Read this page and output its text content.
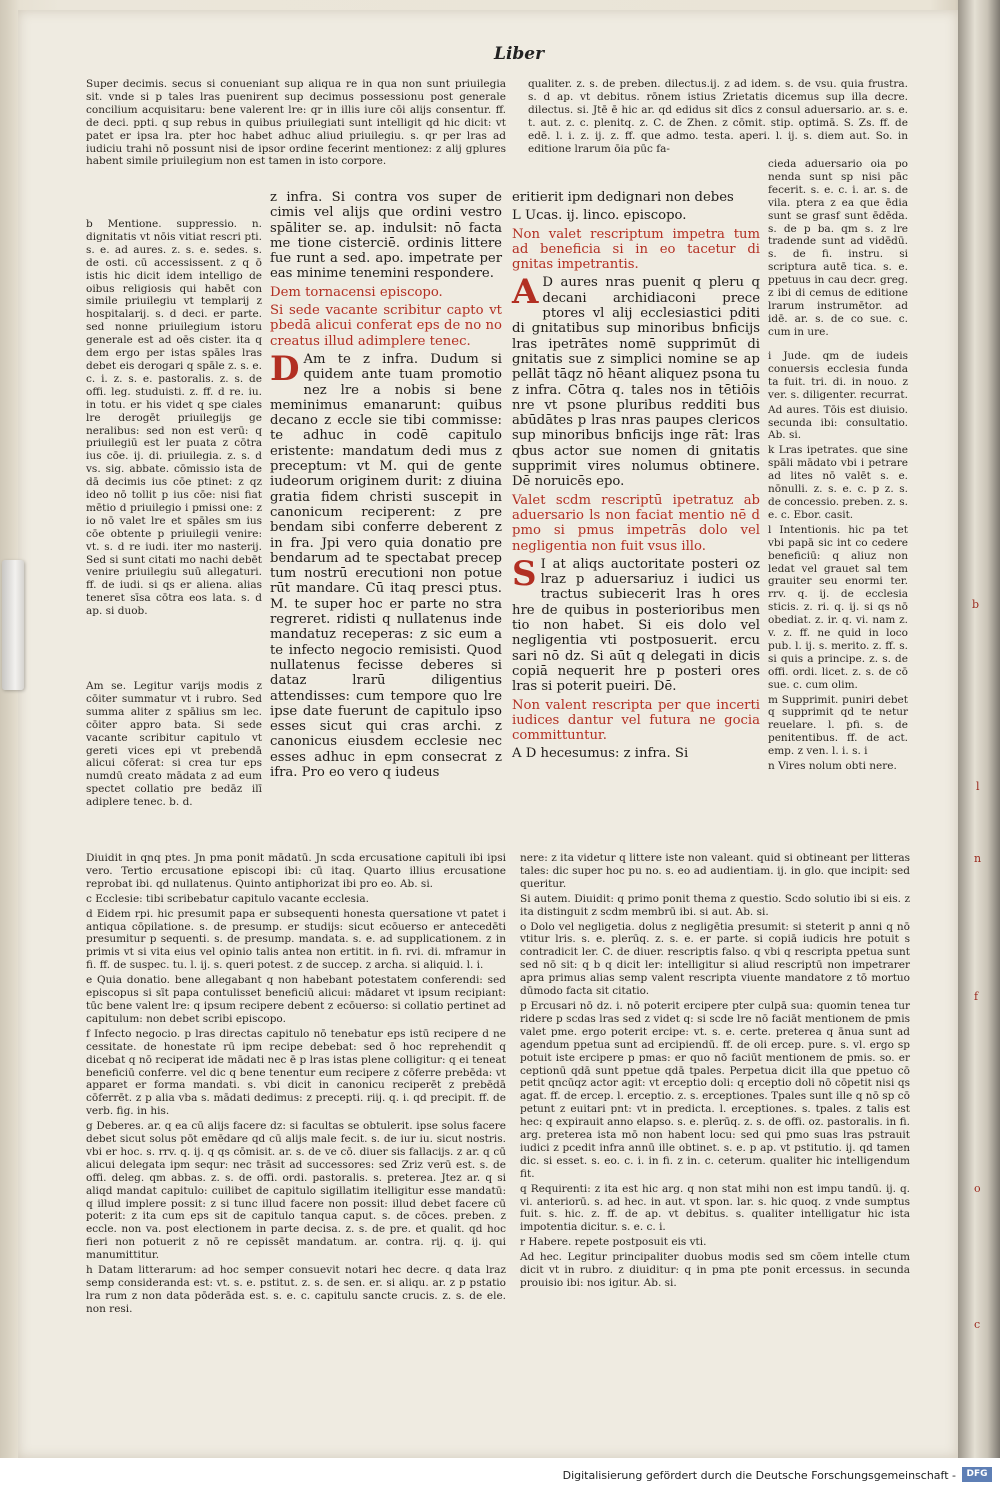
Liber

Super decimis. secus si conueniant sup aliqua re in qua non sunt priuilegia sit. vnde si p tales lras puenirent sup decimus possessionu post generale concilium acquisitaru: bene valerent lre: qr in illis iure cōi alijs consentur. ff. de deci. ppti. q sup rebus in quibus priuilegiati sunt intelligit qd hic dicit: vt patet er ipsa lra. pter hoc habet adhuc aliud priuilegiu. s. qr per lras ad iudiciu trahi nō possunt nisi de ipsor ordine fecerint mentionez: z alij gplures habent simile priuilegium non est tamen in isto corpore.

qualiter. z. s. de preben. dilectus.ij. z ad idem. s. de vsu. quia frustra. s. d ap. vt debitus. rōnem istius Zrietatis dicemus sup illa decre. dilectus. si. Jtē ē hic ar. qd edidus sit dīcs z consul aduersario. ar. s. e. t. aut. z. c. plenitq. z. C. de Zhen. z cōmit. stip. optimā. S. Zs. ff. de edē. l. i. z. ij. z. ff. que admo. testa. aperi. l. ij. s. diem aut. So. in editione lrarum ōia pūc fa-

b Mentione. suppressio. n. dignitatis vt nōis vitiat rescri pti. s. e. ad aures. z. s. e. sedes. s. de osti. cū accessissent. z q ō istis hic dicit idem intelligo de oibus religiosis qui habēt con simile priuilegiu vt templarij z hospitalarij. s. d deci. er parte. sed nonne priuilegium istoru generale est ad oēs cister. ita q dem ergo per istas spāles lras debet eis derogari q spāle z. s. e. c. i. z. s. e. pastoralis. z. s. de offi. leg. studuisti. z. ff. d re. iu. in totu. er his videt q spe ciales lre derogēt priuilegijs ge neralibus: sed non est verū: q priuilegiū est ler puata z cōtra ius cōe. ij. di. priuilegia. z. s. d vs. sig. abbate. cōmissio ista de dā decimis ius cōe ptinet: z qz ideo nō tollit p ius cōe: nisi fiat mētio d priuilegio i pmissi one: z io nō valet lre et spāles sm ius cōe obtente p priuilegii venire: vt. s. d re iudi. iter mo nasterij. Sed si sunt citati mo nachi debēt venire priuilegiu suū allegaturi. ff. de iudi. si qs er aliena. alias teneret sīsa cōtra eos lata. s. d ap. si duob.

Am se. Legitur varijs modis z cōiter summatur vt i rubro. Sed summa aliter z spālius sm lec. cōiter appro bata. Si sede vacante scribitur capitulo vt gereti vices epi vt prebendā alicui cōferat: si crea tur eps numdū creato mādata z ad eum spectet collatio pre bedāz ilī adiplere tenec. b. d.

z infra. Si contra vos super de cimis vel alijs que ordini vestro spāliter se. ap. indulsit: nō facta me tione cisterciē. ordinis littere fue runt a sed. apo. impetrate per eas minime tenemini respondere.

Dem tornacensi episcopo.

Si sede vacante scribitur capto vt pbedā alicui conferat eps de no no creatus illud adimplere tenec.

D Am te z infra. Dudum si quidem ante tuam promotio nez lre a nobis si bene meminimus emanarunt: quibus decano z eccle sie tibi commisse: te adhuc in codē capitulo eristente: mandatum dedi mus z preceptum: vt M. qui de gente iudeorum originem durit: z diuina gratia fidem christi suscepit in canonicum reciperent: z pre bendam sibi conferre deberent z in fra. Jpi vero quia donatio pre bendarum ad te spectabat precep tum nostrū erecutioni non potue rūt mandare. Cū itaq presci ptus. M. te super hoc er parte no stra regreret. ridisti q nullatenus inde mandatuz receperas: z sic eum a te infecto negocio remisisti. Quod nullatenus fecisse deberes si dataz lrarū diligentius attendisses: cum tempore quo lre ipse date fuerunt de capitulo ipso esses sicut qui cras archi. z canonicus eiusdem ecclesie nec esses adhuc in epm consecrat z ifra. Pro eo vero q iudeus

eritierit ipm dedignari non debes

L Ucas. ij. linco. episcopo.

Non valet rescriptum impetra tum ad beneficia si in eo tacetur di gnitas impetrantis.

A D aures nras puenit q pleru q decani archidiaconi prece ptores vl alij ecclesiastici pditi di gnitatibus sup minoribus bnficijs lras ipetrātes nomē supprimūt di gnitatis sue z simplici nomine se ap pellāt tāqz nō hēant aliquez psona tu z infra. Cōtra q. tales nos in tētiōis nre vt psone pluribus redditi bus abūdātes p lras nras paupes clericos sup minoribus bnficijs inge rāt: lras qbus actor sue nomen di gnitatis supprimit vires nolumus obtinere. Dē noruicēs epo.

Valet scdm rescriptū ipetratuz ab aduersario ls non faciat mentio nē d pmo si pmus impetrās dolo vel negligentia non fuit vsus illo.

S I at aliqs auctoritate posteri oz lraz p aduersariuz i iudici us tractus subiecerit lras h ores hre de quibus in posterioribus men tio non habet. Si eis dolo vel negligentia vti postposuerit. ercu sari nō dz. Si aūt q delegati in dicis copiā nequerit hre p posteri ores lras si poterit pueiri. Dē.

Non valent rescripta per que incerti iudices dantur vel futura ne gocia committuntur.

A D hecesumus: z infra. Si

cieda aduersario oia po nenda sunt sp nisi pāc fecerit. s. e. c. i. ar. s. de vila. ptera z ea que ēdia sunt se grasf sunt ēdēda. s. de p ba. qm s. z lre tradende sunt ad vidēdū. s. de fi. instru. si scriptura autē tica. s. e. ppetuus in cau decr. greg. z ibi di cemus de editione lrarum instrumētor. ad idē. ar. s. de co sue. c. cum in ure.

i Jude. qm de iudeis conuersis ecclesia funda ta fuit. tri. di. in nouo. z ver. s. diligenter. recurrat.

Ad aures. Tōis est diuisio. secunda ibi: consultatio. Ab. si.

k Lras ipetrates. que sine spāli mādato vbi i petrare ad lites nō valēt s. e. nōnulli. z. s. e. c. p z. s. de concessio. preben. z. s. e. c. Ebor. casit.

l Intentionis. hic pa tet vbi papā sic int co cedere beneficiū: q aliuz non ledat vel grauet sal tem grauiter seu enormi ter. rrv. q. ij. de ecclesia sticis. z. ri. q. ij. si qs nō obediat. z. ir. q. vi. nam z. v. z. ff. ne quid in loco pub. l. ij. s. merito. z. ff. s. si quis a principe. z. s. de offi. ordi. licet. z. s. de cō sue. c. cum olim.

m Supprimit. puniri debet q supprimit qd te netur reuelare. l. pfi. s. de penitentibus. ff. de act. emp. z ven. l. i. s. i

n Vires nolum obti nere.

Diuidit in qnq ptes. Jn pma ponit mādatū. Jn scda ercusatione capituli ibi ipsi vero. Tertio ercusatione episcopi ibi: cū itaq. Quarto illius ercusatione reprobat ibi. qd nullatenus. Quinto antiphorizat ibi pro eo. Ab. si.

c Ecclesie: tibi scribebatur capitulo vacante ecclesia.

d Eidem rpi. hic presumit papa er subsequenti honesta quersatione vt patet i antiqua cōpilatione. s. de presump. er studijs: sicut ecōuerso er antecedēti presumitur p sequenti. s. de presump. mandata. s. e. ad supplicationem. z in primis vt si vita eius vel opinio talis antea non ertitit. in fi. rvi. di. mframur in fi. ff. de suspec. tu. l. ij. s. queri potest. z de succep. z archa. si aliquid. l. i.

e Quia donatio. bene allegabant q non habebant potestatem conferendi: sed episcopus si sīt papa contulisset beneficiū alicui: mādaret vt ipsum recipiant: tūc bene valent lre: q ipsum recipere debent z ecōuerso: si collatio pertinet ad capitulum: non debet scribi episcopo.

f Infecto negocio. p lras directas capitulo nō tenebatur eps istū recipere d ne cessitate. de honestate rū ipm recipe debebat: sed ō hoc reprehendit q dicebat q nō reciperat ide mādati nec ē p lras istas plene colligitur: q ei teneat beneficiū conferre. vel dic q bene tenentur eum recipere z cōferre prebēda: vt apparet er forma mandati. s. vbi dicit in canonicu reciperēt z prebēdā cōferrēt. z p alia vba s. mādati dedimus: z precepti. riij. q. i. qd precipit. ff. de verb. fig. in his.

g Deberes. ar. q ea cū alijs facere dz: si facultas se obtulerit. ipse solus facere debet sicut solus pōt emēdare qd cū alijs male fecit. s. de iur iu. sicut nostris. vbi er hoc. s. rrv. q. ij. q qs cōmisit. ar. s. de ve cō. diuer sis fallacijs. z ar. q cū alicui delegata ipm sequr: nec trāsit ad successores: sed Zriz verū est. s. de offi. deleg. qm abbas. z. s. de offi. ordi. pastoralis. s. preterea. Jtez ar. q si aliqd mandat capitulo: cuilibet de capitulo sigillatim itelligitur esse mandatū: q illud implere possit: z si tunc illud facere non possit: illud debet facere cū poterit: z ita cum eps sit de capitulo tanqua caput. s. de cōces. preben. z eccle. non va. post electionem in parte decisa. z. s. de pre. et qualit. qd hoc fieri non potuerit z nō re cepissēt mandatum. ar. contra. rij. q. ij. qui manumittitur.

h Datam litterarum: ad hoc semper consuevit notari hec decre. q data lraz semp consideranda est: vt. s. e. pstitut. z. s. de sen. er. si aliqu. ar. z p pstatio lra rum z non data pōderāda est. s. e. c. capitulu sancte crucis. z. s. de ele. non resi.

nere: z ita videtur q littere iste non valeant. quid si obtineant per litteras tales: dic super hoc pu no. s. eo ad audientiam. ij. in glo. que incipit: sed queritur.

Si autem. Diuidit: q primo ponit thema z questio. Scdo solutio ibi si eis. z ita distinguit z scdm membrū ibi. si aut. Ab. si.

o Dolo vel negligetia. dolus z negligētia presumit: si steterit p anni q nō vtitur lris. s. e. plerūq. z. s. e. er parte. si copiā iudicis hre potuit s contradicit ler. C. de diuer. rescriptis falso. q vbi q rescripta ppetua sunt sed nō sit: q b q dicit ler: intelligitur si aliud rescriptū non impetrarer apra primus alias semp valent rescripta viuente mandatore z tō mortuo dūmodo facta sit citatio.

p Ercusari nō dz. i. nō poterit ercipere pter culpā sua: quomin tenea tur ridere p scdas lras sed z videt q: si scde lre nō faciāt mentionem de pmis valet pme. ergo poterit ercipe: vt. s. e. certe. preterea q ānua sunt ad agendum ppetua sunt ad ercipiendū. ff. de oli ercep. pure. s. vl. ergo sp potuit iste ercipere p pmas: er quo nō faciūt mentionem de pmis. so. er ceptionū qdā sunt ppetue qdā tpales. Perpetua dicit illa que ppetuo cō petit qncūqz actor agit: vt erceptio doli: q erceptio doli nō cōpetit nisi qs agat. ff. de ercep. l. erceptio. z. s. erceptiones. Tpales sunt ille q nō sp cō petunt z euitari pnt: vt in predicta. l. erceptiones. s. tpales. z talis est hec: q expirauit anno elapso. s. e. plerūq. z. s. de offi. oz. pastoralis. in fi. arg. preterea ista mō non habent locu: sed qui pmo suas lras pstrauit iudici z pcedit infra annū ille obtinet. s. e. p ap. vt pstitutio. ij. qd tamen dic. si esset. s. eo. c. i. in fi. z in. c. ceterum. qualiter hic intelligendum fit.

q Requirenti: z ita est hic arg. q non stat mihi non est impu tandū. ij. q. vi. anteriorū. s. ad hec. in aut. vt spon. lar. s. hic quoq. z vnde sumptus fuit. s. hic. z. ff. de ap. vt debitus. s. qualiter intelligatur hic ista impotentia dicitur. s. e. c. i.

r Habere. repete postposuit eis vti.

Ad hec. Legitur principaliter duobus modis sed sm cōem intelle ctum dicit vt in rubro. z diuiditur: q in pma pte ponit ercessus. in secunda prouisio ibi: nos igitur. Ab. si.

b
l
n
f
o
c
Digitalisierung gefördert durch die Deutsche Forschungsgemeinschaft -	DFG
